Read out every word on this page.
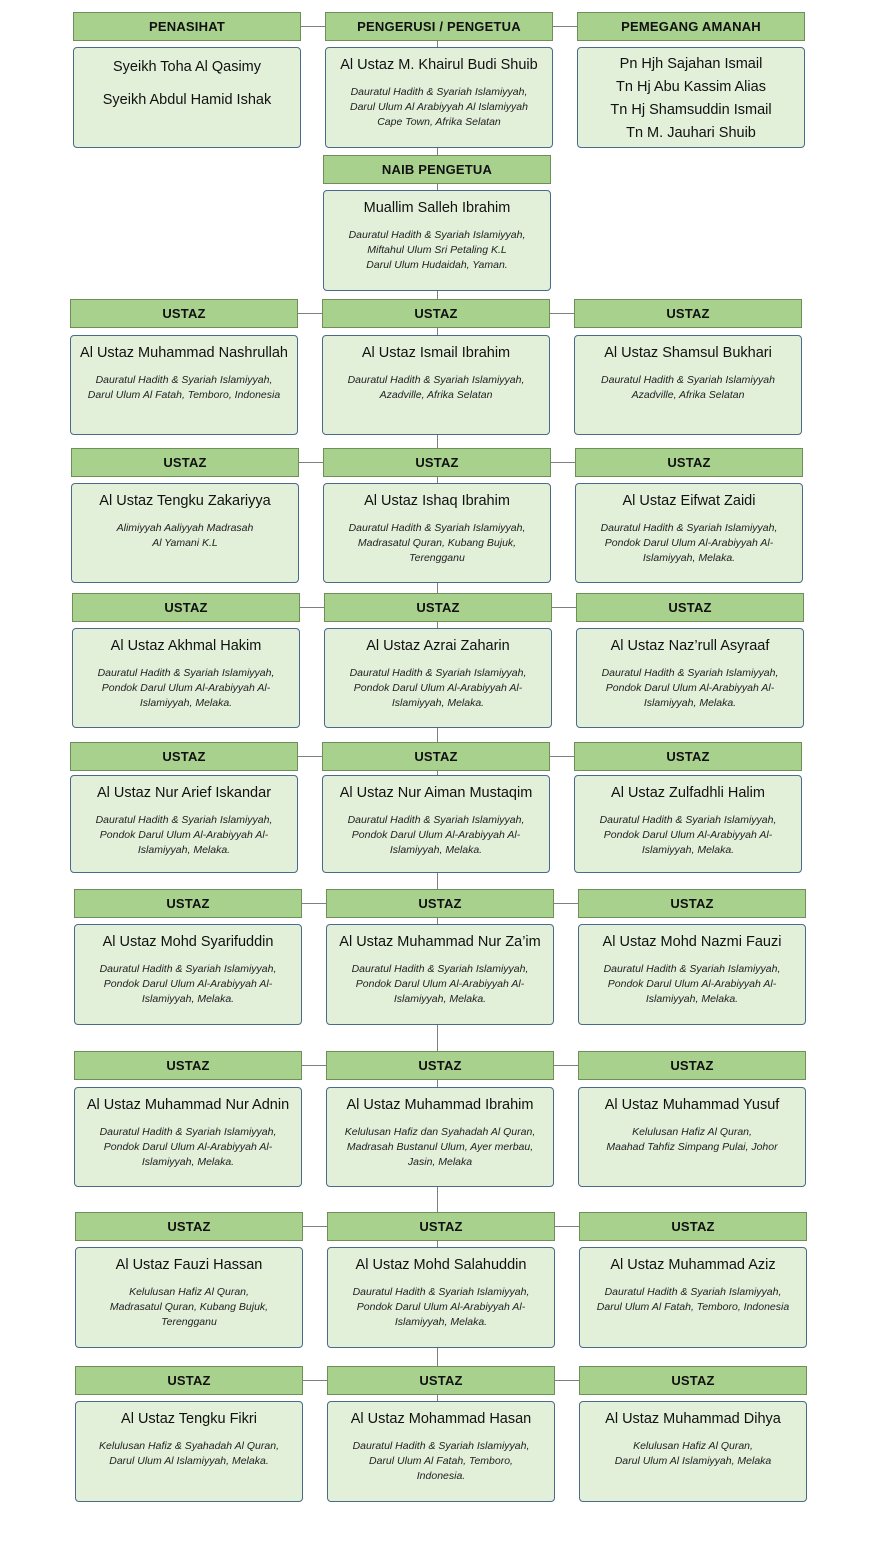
PENASIHAT
Syeikh Toha Al Qasimy
Syeikh Abdul Hamid Ishak
PENGERUSI / PENGETUA
Al Ustaz M. Khairul Budi Shuib
Dauratul Hadith & Syariah Islamiyyah,
Darul Ulum Al Arabiyyah Al Islamiyyah
Cape Town, Afrika Selatan
PEMEGANG AMANAH
Pn Hjh Sajahan Ismail
Tn Hj Abu Kassim Alias
Tn Hj Shamsuddin Ismail
Tn M. Jauhari Shuib
NAIB PENGETUA
Muallim Salleh Ibrahim
Dauratul Hadith & Syariah Islamiyyah,
Miftahul Ulum Sri Petaling K.L
Darul Ulum Hudaidah, Yaman.
USTAZ
Al Ustaz Muhammad Nashrullah
Dauratul Hadith & Syariah Islamiyyah,
Darul Ulum Al Fatah, Temboro, Indonesia
USTAZ
Al Ustaz Ismail Ibrahim
Dauratul Hadith & Syariah Islamiyyah,
Azadville, Afrika Selatan
USTAZ
Al Ustaz Shamsul Bukhari
Dauratul Hadith & Syariah Islamiyyah
Azadville, Afrika Selatan
USTAZ
Al Ustaz Tengku Zakariyya
Alimiyyah Aaliyyah Madrasah
Al Yamani K.L
USTAZ
Al Ustaz Ishaq Ibrahim
Dauratul Hadith & Syariah Islamiyyah,
Madrasatul Quran, Kubang Bujuk,
Terengganu
USTAZ
Al Ustaz Eifwat Zaidi
Dauratul Hadith & Syariah Islamiyyah,
Pondok Darul Ulum Al-Arabiyyah Al-
Islamiyyah, Melaka.
USTAZ
Al Ustaz Akhmal Hakim
Dauratul Hadith & Syariah Islamiyyah,
Pondok Darul Ulum Al-Arabiyyah Al-
Islamiyyah, Melaka.
USTAZ
Al Ustaz Azrai Zaharin
Dauratul Hadith & Syariah Islamiyyah,
Pondok Darul Ulum Al-Arabiyyah Al-
Islamiyyah, Melaka.
USTAZ
Al Ustaz Naz’rull Asyraaf
Dauratul Hadith & Syariah Islamiyyah,
Pondok Darul Ulum Al-Arabiyyah Al-
Islamiyyah, Melaka.
USTAZ
Al Ustaz Nur Arief Iskandar
Dauratul Hadith & Syariah Islamiyyah,
Pondok Darul Ulum Al-Arabiyyah Al-
Islamiyyah, Melaka.
USTAZ
Al Ustaz Nur Aiman Mustaqim
Dauratul Hadith & Syariah Islamiyyah,
Pondok Darul Ulum Al-Arabiyyah Al-
Islamiyyah, Melaka.
USTAZ
Al Ustaz Zulfadhli Halim
Dauratul Hadith & Syariah Islamiyyah,
Pondok Darul Ulum Al-Arabiyyah Al-
Islamiyyah, Melaka.
USTAZ
Al Ustaz Mohd Syarifuddin
Dauratul Hadith & Syariah Islamiyyah,
Pondok Darul Ulum Al-Arabiyyah Al-
Islamiyyah, Melaka.
USTAZ
Al Ustaz Muhammad Nur Za’im
Dauratul Hadith & Syariah Islamiyyah,
Pondok Darul Ulum Al-Arabiyyah Al-
Islamiyyah, Melaka.
USTAZ
Al Ustaz Mohd Nazmi Fauzi
Dauratul Hadith & Syariah Islamiyyah,
Pondok Darul Ulum Al-Arabiyyah Al-
Islamiyyah, Melaka.
USTAZ
Al Ustaz Muhammad Nur Adnin
Dauratul Hadith & Syariah Islamiyyah,
Pondok Darul Ulum Al-Arabiyyah Al-
Islamiyyah, Melaka.
USTAZ
Al Ustaz Muhammad Ibrahim
Kelulusan Hafiz dan Syahadah Al Quran,
Madrasah Bustanul Ulum, Ayer merbau,
Jasin, Melaka
USTAZ
Al Ustaz Muhammad Yusuf
Kelulusan Hafiz Al Quran,
Maahad Tahfiz Simpang Pulai, Johor
USTAZ
Al Ustaz Fauzi Hassan
Kelulusan Hafiz Al Quran,
Madrasatul Quran, Kubang Bujuk,
Terengganu
USTAZ
Al Ustaz Mohd Salahuddin
Dauratul Hadith & Syariah Islamiyyah,
Pondok Darul Ulum Al-Arabiyyah Al-
Islamiyyah, Melaka.
USTAZ
Al Ustaz Muhammad Aziz
Dauratul Hadith & Syariah Islamiyyah,
Darul Ulum Al Fatah, Temboro, Indonesia
USTAZ
Al Ustaz Tengku Fikri
Kelulusan Hafiz & Syahadah Al Quran,
Darul Ulum Al Islamiyyah, Melaka.
USTAZ
Al Ustaz Mohammad Hasan
Dauratul Hadith & Syariah Islamiyyah,
Darul Ulum Al Fatah, Temboro,
Indonesia.
USTAZ
Al Ustaz Muhammad Dihya
Kelulusan Hafiz Al Quran,
Darul Ulum Al Islamiyyah, Melaka
